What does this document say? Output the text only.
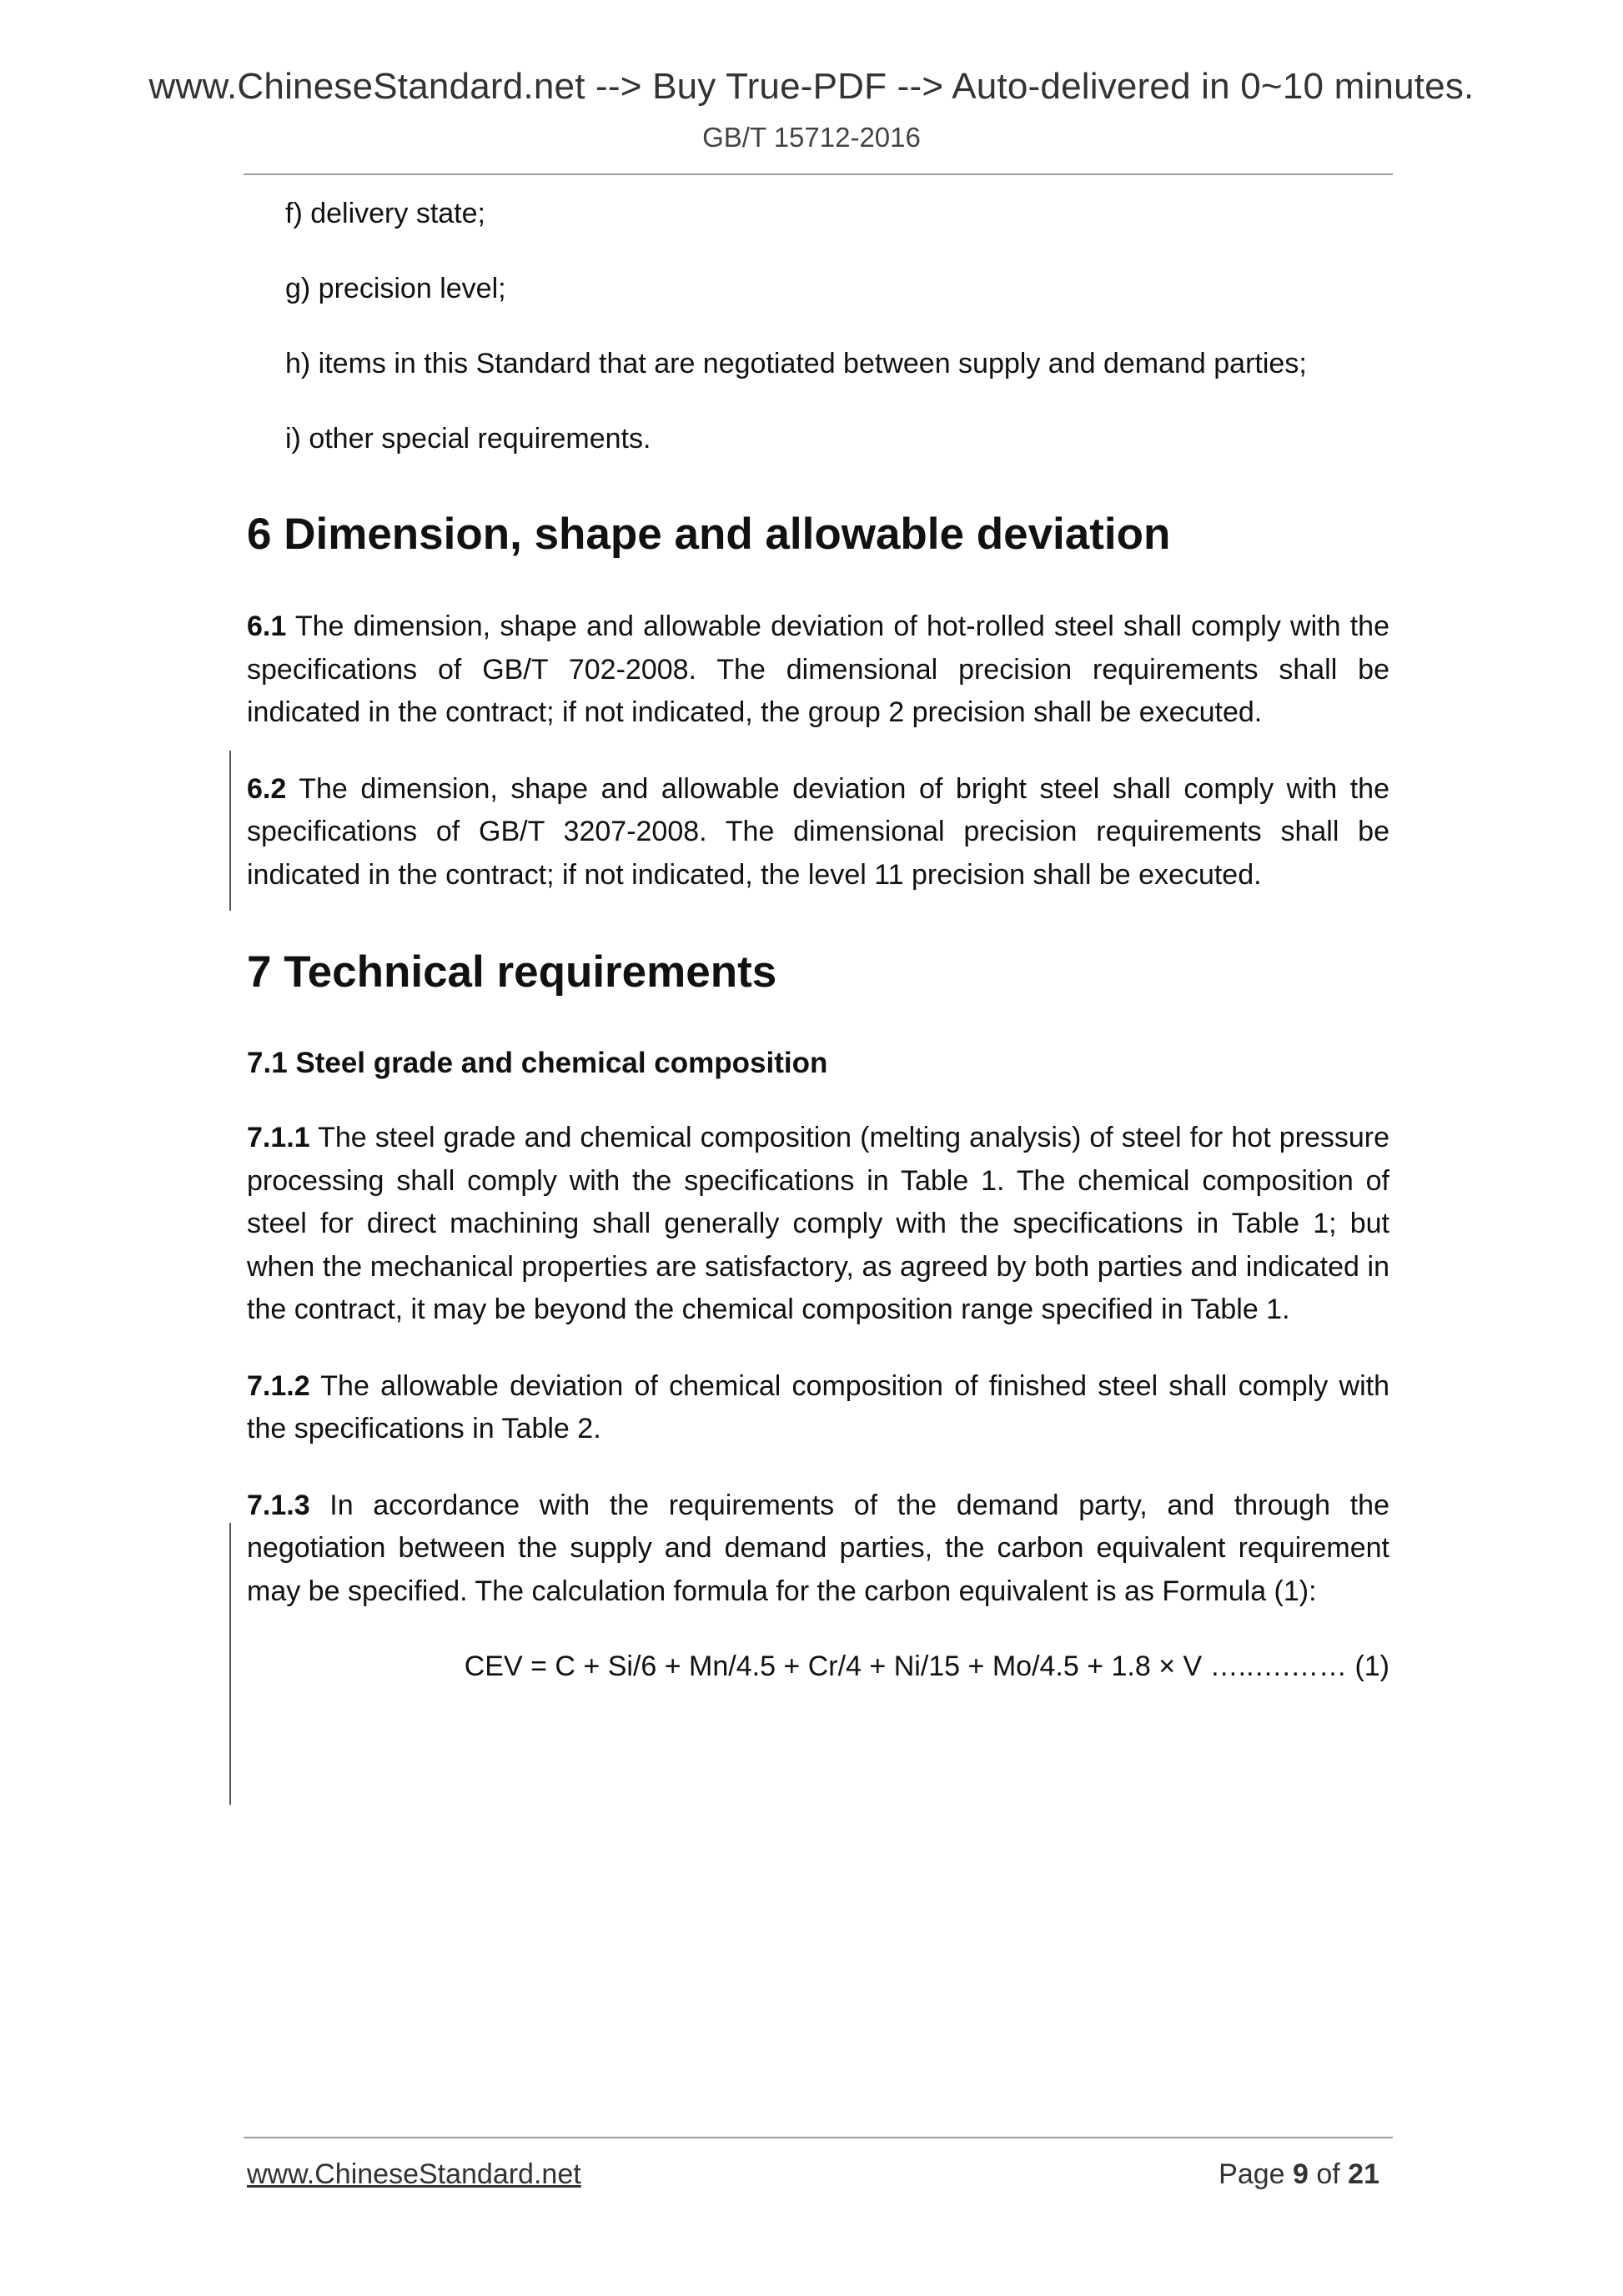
www.ChineseStandard.net --> Buy True-PDF --> Auto-delivered in 0~10 minutes.
GB/T 15712-2016
f) delivery state;
g) precision level;
h) items in this Standard that are negotiated between supply and demand parties;
i) other special requirements.
6 Dimension, shape and allowable deviation
6.1 The dimension, shape and allowable deviation of hot-rolled steel shall comply with the specifications of GB/T 702-2008. The dimensional precision requirements shall be indicated in the contract; if not indicated, the group 2 precision shall be executed.
6.2 The dimension, shape and allowable deviation of bright steel shall comply with the specifications of GB/T 3207-2008. The dimensional precision requirements shall be indicated in the contract; if not indicated, the level 11 precision shall be executed.
7 Technical requirements
7.1 Steel grade and chemical composition
7.1.1 The steel grade and chemical composition (melting analysis) of steel for hot pressure processing shall comply with the specifications in Table 1. The chemical composition of steel for direct machining shall generally comply with the specifications in Table 1; but when the mechanical properties are satisfactory, as agreed by both parties and indicated in the contract, it may be beyond the chemical composition range specified in Table 1.
7.1.2 The allowable deviation of chemical composition of finished steel shall comply with the specifications in Table 2.
7.1.3 In accordance with the requirements of the demand party, and through the negotiation between the supply and demand parties, the carbon equivalent requirement may be specified. The calculation formula for the carbon equivalent is as Formula (1):
CEV = C + Si/6 + Mn/4.5 + Cr/4 + Ni/15 + Mo/4.5 + 1.8 × V …..….…… (1)
www.ChineseStandard.net	Page 9 of 21
